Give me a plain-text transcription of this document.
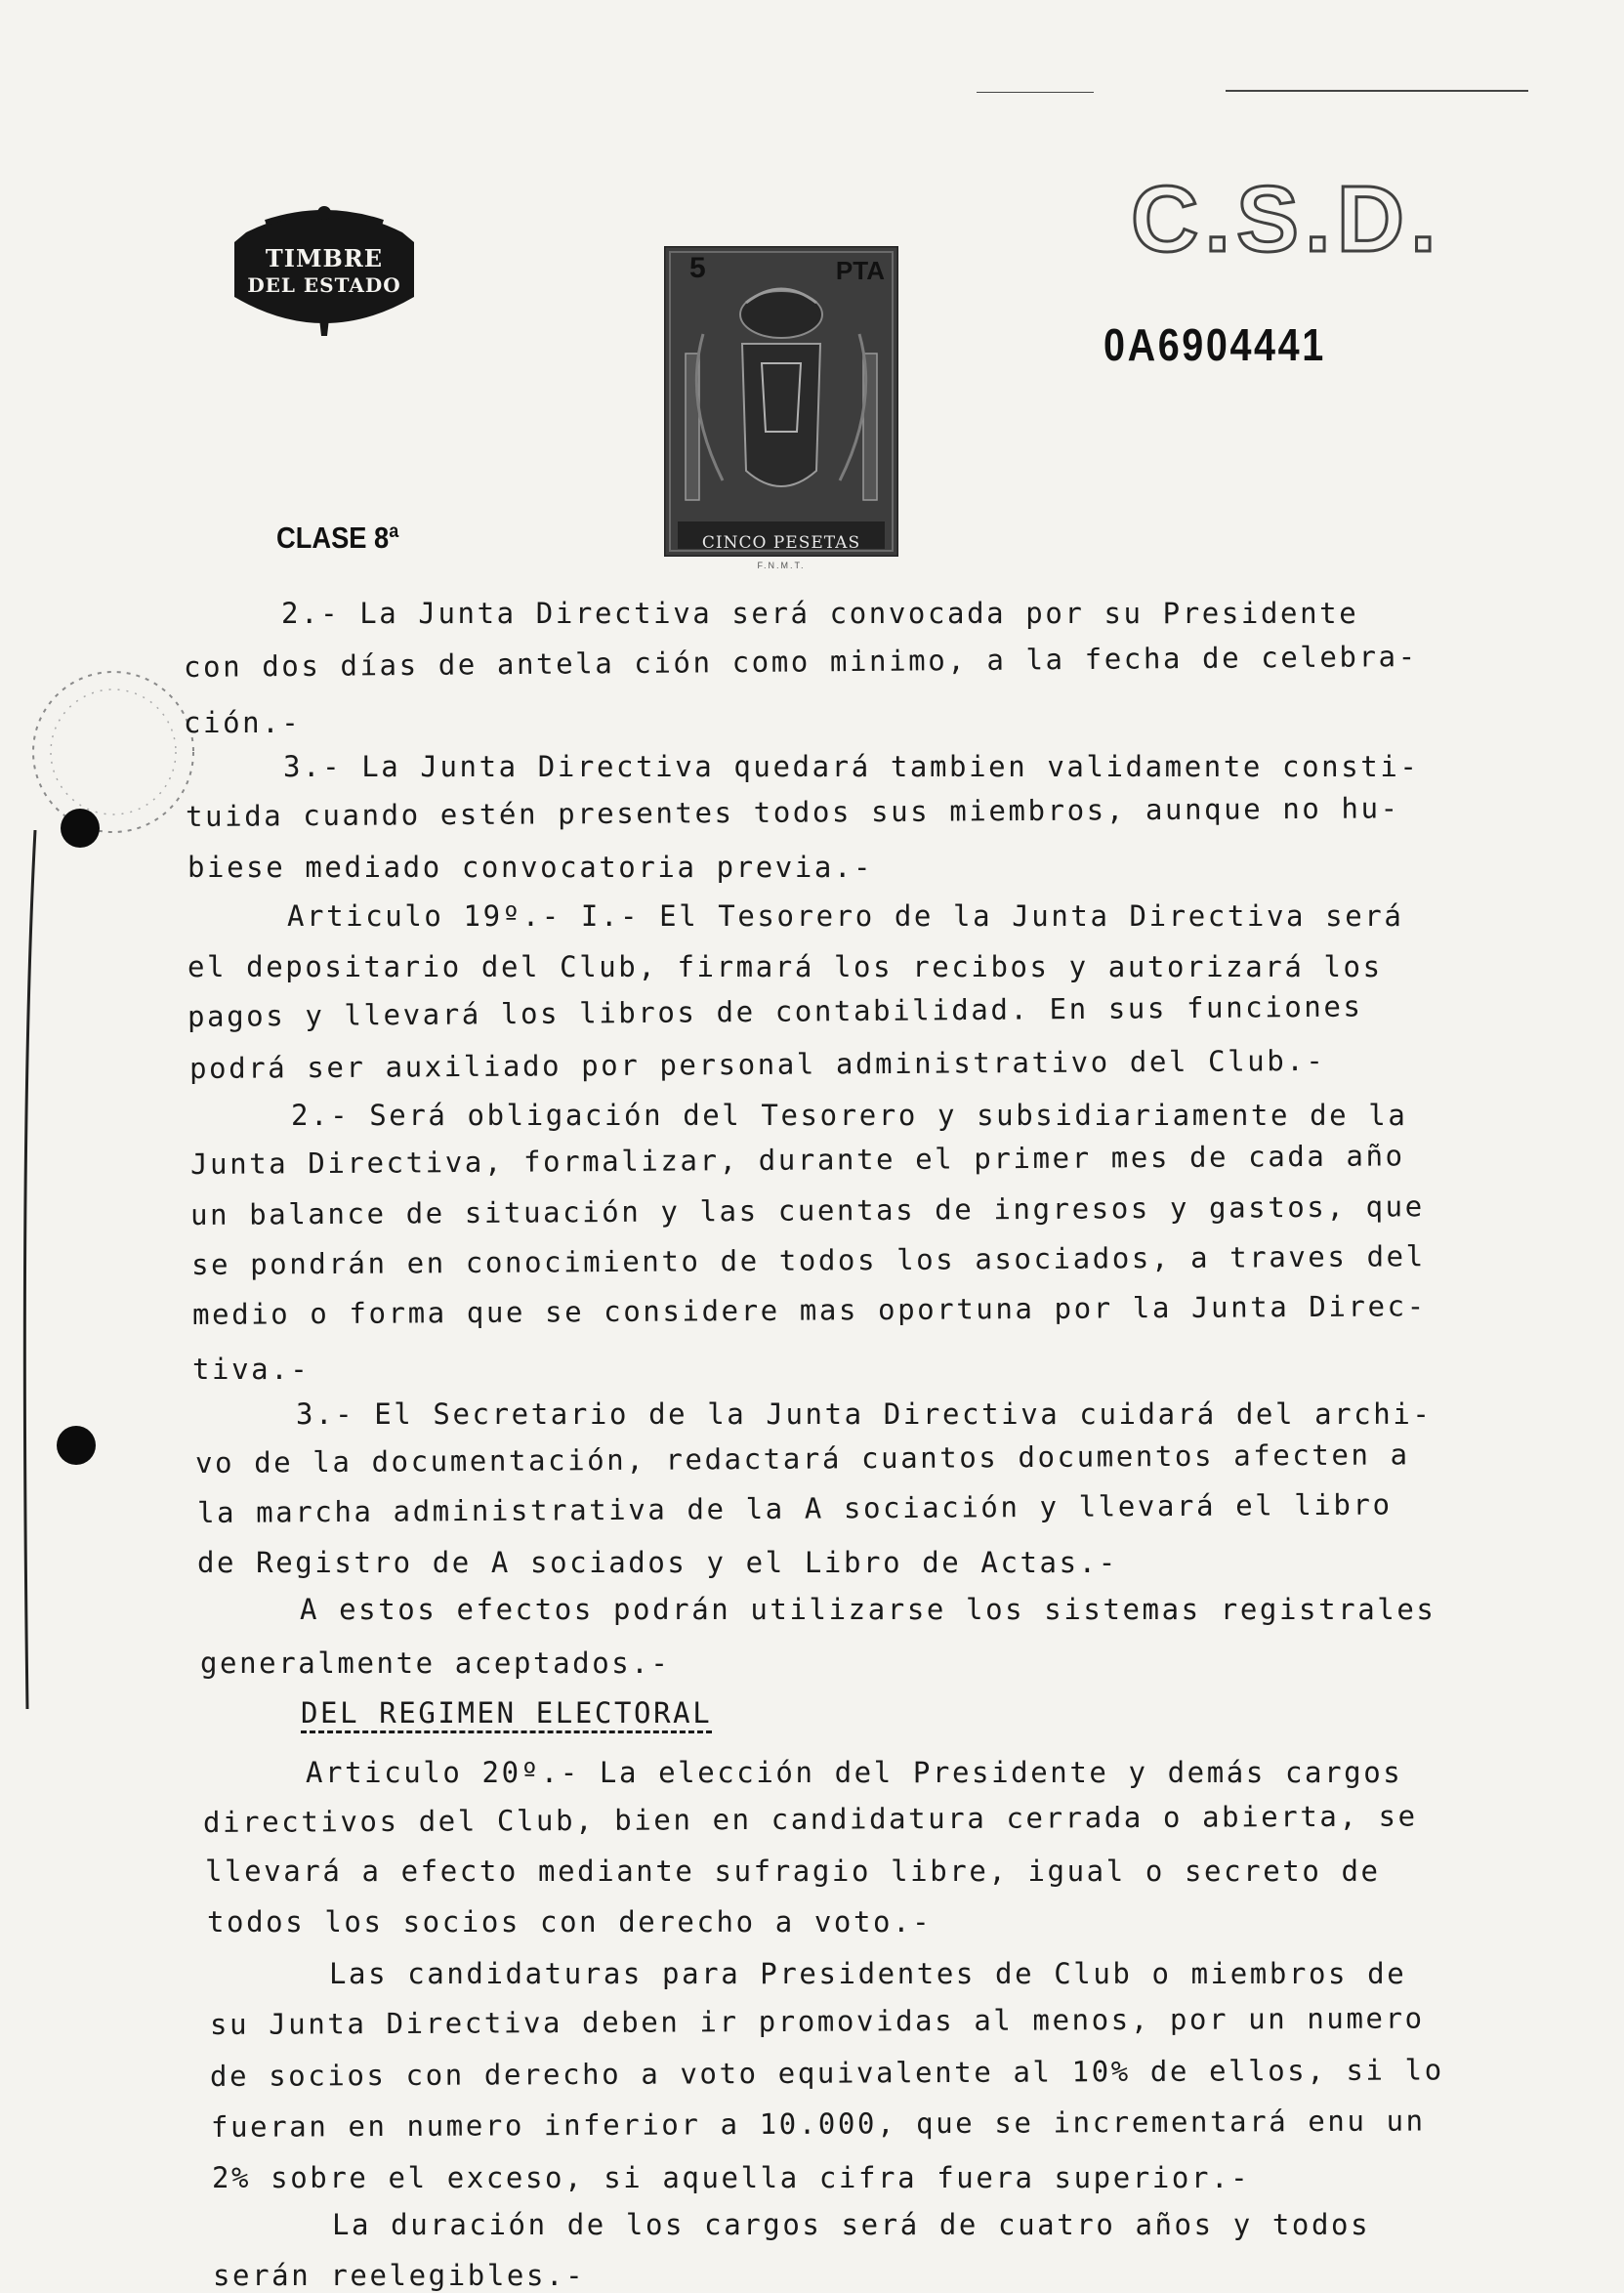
TIMBRE
DEL ESTADO
5	PTA
CINCO PESETAS
F.N.M.T.
C.S.D.
0A6904441
CLASE 8ª
2.- La Junta Directiva será convocada por su Presidente
con dos días de antela ción como minimo, a la fecha de celebra-
ción.-
3.- La Junta Directiva quedará tambien validamente consti-
tuida cuando estén presentes todos sus miembros, aunque no hu-
biese mediado convocatoria previa.-
Articulo 19º.- I.- El Tesorero de la Junta Directiva será
el depositario del Club, firmará los recibos y autorizará los
pagos y llevará los libros de contabilidad. En sus funciones
podrá ser auxiliado por personal administrativo del Club.-
2.- Será obligación del Tesorero y subsidiariamente de la
Junta Directiva, formalizar, durante el primer mes de cada año
un balance de situación y las cuentas de ingresos y gastos, que
se pondrán en conocimiento de todos los asociados, a traves del
medio o forma que se considere mas oportuna por la Junta Direc-
tiva.-
3.- El Secretario de la Junta Directiva cuidará del archi-
vo de la documentación, redactará cuantos documentos afecten a
la marcha administrativa de la A sociación y llevará el libro
de Registro de A sociados y el Libro de Actas.-
A estos efectos podrán utilizarse los sistemas registrales
generalmente aceptados.-
DEL REGIMEN ELECTORAL
Articulo 20º.- La elección del Presidente y demás cargos
directivos del Club, bien en candidatura cerrada o abierta, se
llevará a efecto mediante sufragio libre, igual o secreto de
todos los socios con derecho a voto.-
Las candidaturas para Presidentes de Club o miembros de
su Junta Directiva deben ir promovidas al menos, por un numero
de socios con derecho a voto equivalente al 10% de ellos, si lo
fueran en numero inferior a 10.000, que se incrementará enu un
2% sobre el exceso, si aquella cifra fuera superior.-
La duración de los cargos será de cuatro años y todos
serán reelegibles.-
